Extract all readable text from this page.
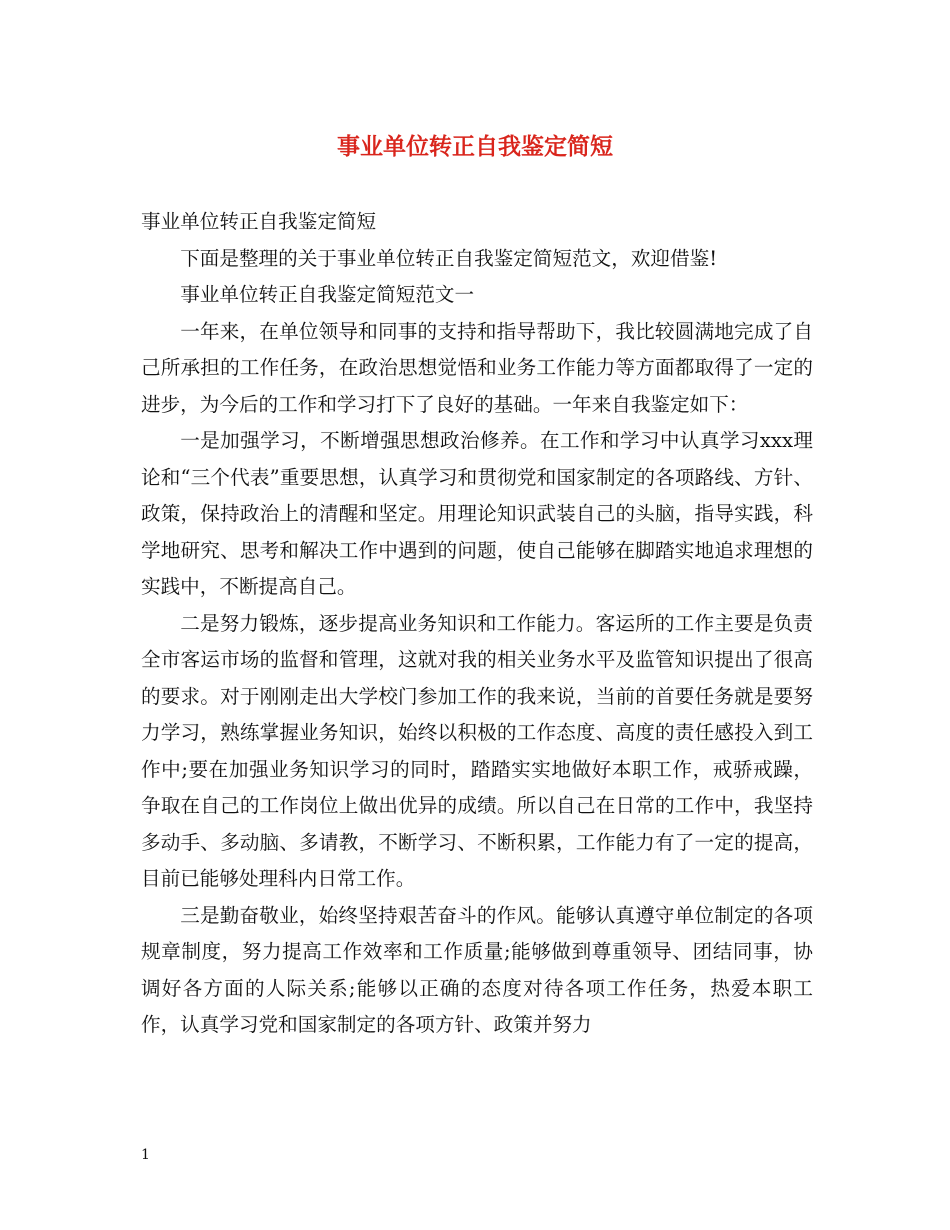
事业单位转正自我鉴定简短

事业单位转正自我鉴定简短

下面是整理的关于事业单位转正自我鉴定简短范文，欢迎借鉴!

事业单位转正自我鉴定简短范文一

一年来，在单位领导和同事的支持和指导帮助下，我比较圆满地完成了自己所承担的工作任务，在政治思想觉悟和业务工作能力等方面都取得了一定的进步，为今后的工作和学习打下了良好的基础。一年来自我鉴定如下：

一是加强学习，不断增强思想政治修养。在工作和学习中认真学习xxx理论和“三个代表”重要思想，认真学习和贯彻党和国家制定的各项路线、方针、政策，保持政治上的清醒和坚定。用理论知识武装自己的头脑，指导实践，科学地研究、思考和解决工作中遇到的问题，使自己能够在脚踏实地追求理想的实践中，不断提高自己。

二是努力锻炼，逐步提高业务知识和工作能力。客运所的工作主要是负责全市客运市场的监督和管理，这就对我的相关业务水平及监管知识提出了很高的要求。对于刚刚走出大学校门参加工作的我来说，当前的首要任务就是要努力学习，熟练掌握业务知识，始终以积极的工作态度、高度的责任感投入到工作中;要在加强业务知识学习的同时，踏踏实实地做好本职工作，戒骄戒躁，争取在自己的工作岗位上做出优异的成绩。所以自己在日常的工作中，我坚持多动手、多动脑、多请教，不断学习、不断积累，工作能力有了一定的提高，目前已能够处理科内日常工作。

三是勤奋敬业，始终坚持艰苦奋斗的作风。能够认真遵守单位制定的各项规章制度，努力提高工作效率和工作质量;能够做到尊重领导、团结同事，协调好各方面的人际关系;能够以正确的态度对待各项工作任务，热爱本职工作，认真学习党和国家制定的各项方针、政策并努力

1
